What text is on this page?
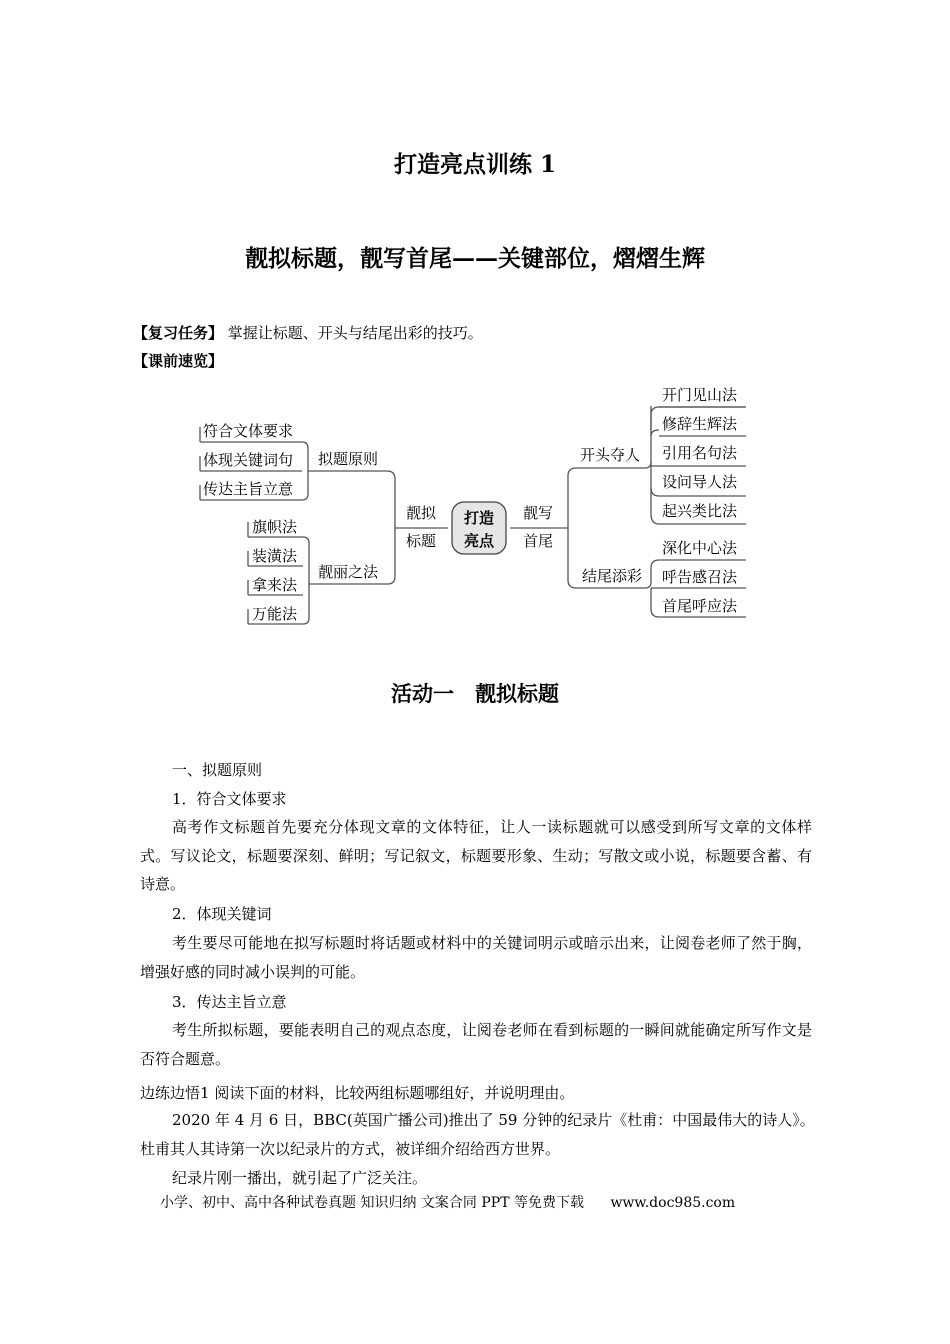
打造亮点训练 1
靓拟标题，靓写首尾——关键部位，熠熠生辉
【复习任务】 掌握让标题、开头与结尾出彩的技巧。
【课前速览】
打造
亮点
靓拟
标题
靓写
首尾
拟题原则
符合文体要求
体现关键词句
传达主旨立意
靓丽之法
旗帜法
装潢法
拿来法
万能法
开头夺人
开门见山法
修辞生辉法
引用名句法
设问导人法
起兴类比法
结尾添彩
深化中心法
呼告感召法
首尾呼应法
活动一　靓拟标题
一、拟题原则
1．符合文体要求
高考作文标题首先要充分体现文章的文体特征，让人一读标题就可以感受到所写文章的文体样式。写议论文，标题要深刻、鲜明；写记叙文，标题要形象、生动；写散文或小说，标题要含蓄、有诗意。
2．体现关键词
考生要尽可能地在拟写标题时将话题或材料中的关键词明示或暗示出来，让阅卷老师了然于胸，增强好感的同时减小误判的可能。
3．传达主旨立意
考生所拟标题，要能表明自己的观点态度，让阅卷老师在看到标题的一瞬间就能确定所写作文是否符合题意。
边练边悟1 阅读下面的材料，比较两组标题哪组好，并说明理由。
2020 年 4 月 6 日，BBC(英国广播公司)推出了 59 分钟的纪录片《杜甫：中国最伟大的诗人》。杜甫其人其诗第一次以纪录片的方式，被详细介绍给西方世界。
纪录片刚一播出，就引起了广泛关注。
小学、初中、高中各种试卷真题 知识归纳 文案合同 PPT 等免费下载 www.doc985.com
